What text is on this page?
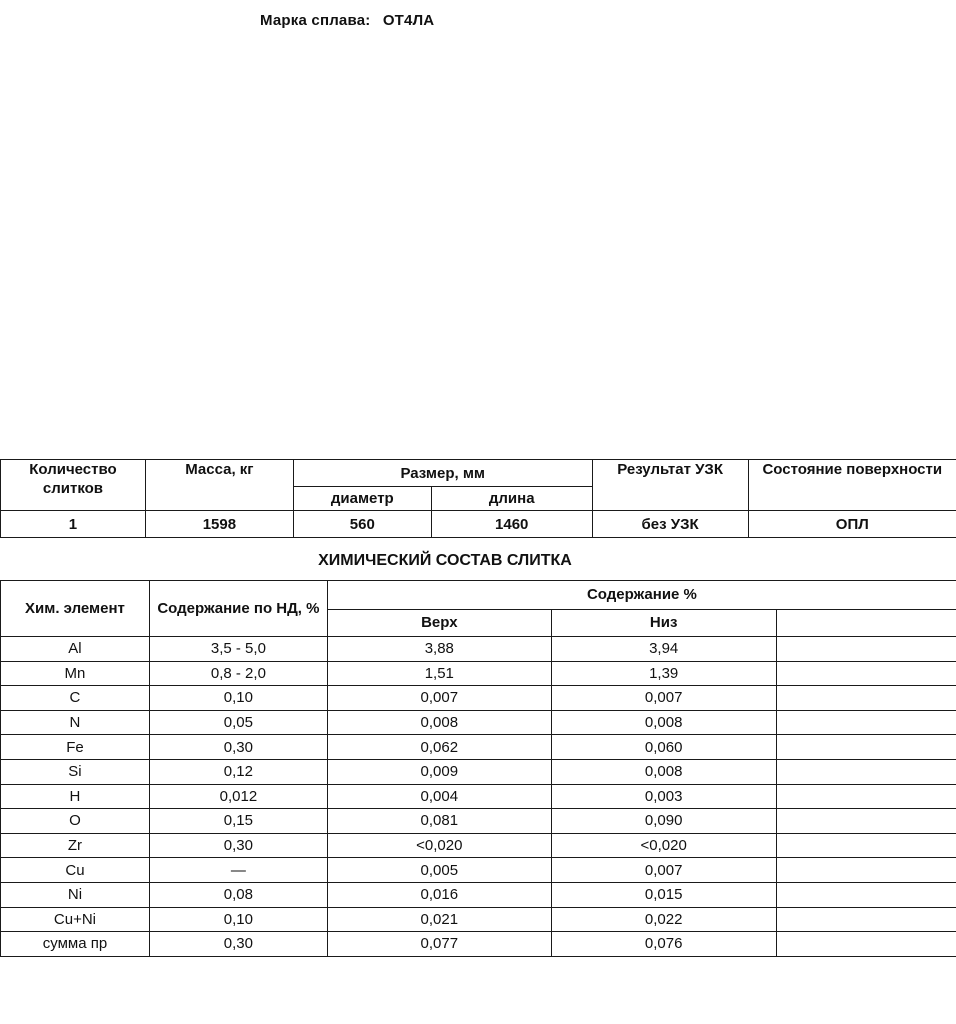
Марка сплава: ОТ4ЛА
Количество слитков	Масса, кг	Размер, мм		Результат УЗК	Состояние поверхности
		диаметр	длина		
1	1598	560	1460	без УЗК	ОПЛ
ХИМИЧЕСКИЙ СОСТАВ СЛИТКА
Хим. элемент	Содержание по НД, %	Содержание %		
		Верх	Низ	
Al	3,5 - 5,0	3,88	3,94	
Mn	0,8 - 2,0	1,51	1,39	
C	0,10	0,007	0,007	
N	0,05	0,008	0,008	
Fe	0,30	0,062	0,060	
Si	0,12	0,009	0,008	
H	0,012	0,004	0,003	
O	0,15	0,081	0,090	
Zr	0,30	<0,020	<0,020	
Cu	—	0,005	0,007	
Ni	0,08	0,016	0,015	
Cu+Ni	0,10	0,021	0,022	
сумма пр	0,30	0,077	0,076	
